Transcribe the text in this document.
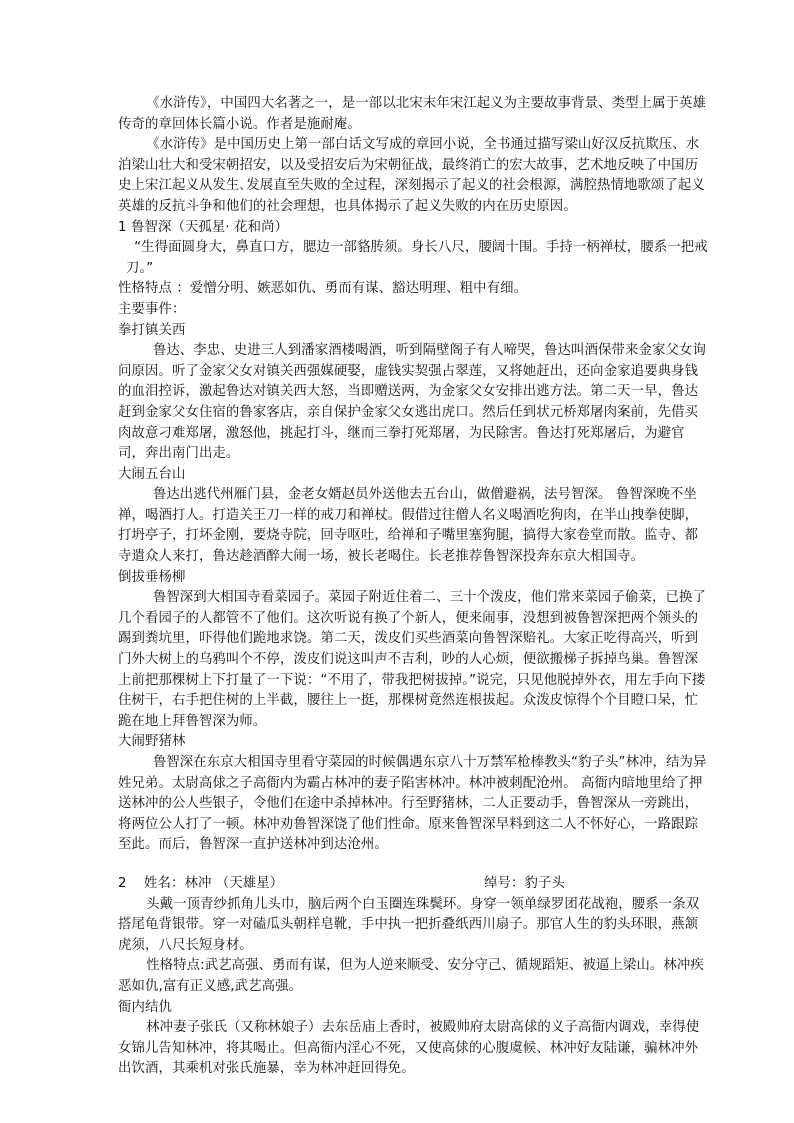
《水浒传》，中国四大名著之一，是一部以北宋末年宋江起义为主要故事背景、类型上属于英雄传奇的章回体长篇小说。作者是施耐庵。

《水浒传》是中国历史上第一部白话文写成的章回小说，全书通过描写梁山好汉反抗欺压、水泊梁山壮大和受宋朝招安，以及受招安后为宋朝征战，最终消亡的宏大故事，艺术地反映了中国历史上宋江起义从发生､发展直至失败的全过程，深刻揭示了起义的社会根源，满腔热情地歌颂了起义英雄的反抗斗争和他们的社会理想，也具体揭示了起义失败的内在历史原因。

1 鲁智深（天孤星· 花和尚）

“生得面圆身大，鼻直口方，腮边一部貉䏝须。身长八尺，腰阔十围。手持一柄禅杖，腰系一把戒刀。”

性格特点 ：爱憎分明、嫉恶如仇、勇而有谋、豁达明理、粗中有细。

主要事件：

拳打镇关西

鲁达、李忠、史进三人到潘家酒楼喝酒，听到隔壁阁子有人啼哭，鲁达叫酒保带来金家父女询问原因。听了金家父女对镇关西强媒硬娶，虚钱实契强占翠莲，又将她赶出，还向金家追要典身钱的血泪控诉，激起鲁达对镇关西大怒，当即赠送两，为金家父女安排出逃方法。第二天一早，鲁达赶到金家父女住宿的鲁家客店，亲自保护金家父女逃出虎口。然后任到状元桥郑屠肉案前，先借买肉故意刁难郑屠，激怒他，挑起打斗，继而三拳打死郑屠，为民除害。鲁达打死郑屠后，为避官司，奔出南门出走。

大闹五台山

鲁达出逃代州雁门县，金老女婿赵员外送他去五台山，做僧避祸，法号智深。 鲁智深晚不坐禅，喝酒打人。打造关王刀一样的戒刀和禅杖。假借过往僧人名义喝酒吃狗肉，在半山拽拳使脚，打坍亭子，打坏金刚，要烧寺院，回寺呕吐，给禅和子嘴里塞狗腿，搞得大家卷堂而散。监寺、都寺遣众人来打，鲁达趁酒醉大闹一场，被长老喝住。长老推荐鲁智深投奔东京大相国寺。

倒拔垂杨柳

鲁智深到大相国寺看菜园子。菜园子附近住着二、三十个泼皮，他们常来菜园子偷菜，已换了几个看园子的人都管不了他们。这次听说有换了个新人，便来闹事，没想到被鲁智深把两个领头的踢到粪坑里，吓得他们跪地求饶。第二天，泼皮们买些酒菜向鲁智深赔礼。大家正吃得高兴，听到门外大树上的乌鸦叫个不停，泼皮们说这叫声不吉利，吵的人心烦，便欲搬梯子拆掉鸟巢。鲁智深上前把那棵树上下打量了一下说：“不用了，带我把树拔掉。”说完，只见他脱掉外衣，用左手向下搂住树干，右手把住树的上半截，腰往上一挺，那棵树竟然连根拔起。众泼皮惊得个个目瞪口呆，忙跪在地上拜鲁智深为师。

大闹野猪林

鲁智深在东京大相国寺里看守菜园的时候偶遇东京八十万禁军枪棒教头“豹子头”林冲，结为异姓兄弟。太尉高俅之子高衙内为霸占林冲的妻子陷害林冲。林冲被刺配沧州。 高衙内暗地里给了押送林冲的公人些银子，令他们在途中杀掉林冲。行至野猪林，二人正要动手，鲁智深从一旁跳出，将两位公人打了一顿。林冲劝鲁智深饶了他们性命。原来鲁智深早料到这二人不怀好心，一路跟踪至此。而后，鲁智深一直护送林冲到达沧州。

2	姓名：林冲 （天雄星）	绰号：豹子头

头戴一顶青纱抓角儿头巾，脑后两个白玉圈连珠鬓环。身穿一领单绿罗团花战袍，腰系一条双搭尾龟背银带。穿一对磕瓜头朝样皂靴，手中执一把折叠纸西川扇子。那官人生的豹头环眼，燕颔虎须，八尺长短身材。

性格特点:武艺高强、勇而有谋，但为人逆来顺受、安分守己、循规蹈矩、被逼上梁山。林冲疾恶如仇,富有正义感,武艺高强。

衙内结仇

林冲妻子张氏（又称林娘子）去东岳庙上香时，被殿帅府太尉高俅的义子高衙内调戏，幸得使女锦儿告知林冲，将其喝止。但高衙内淫心不死，又使高俅的心腹虞候、林冲好友陆谦，骗林冲外出饮酒，其乘机对张氏施暴，幸为林冲赶回得免。
